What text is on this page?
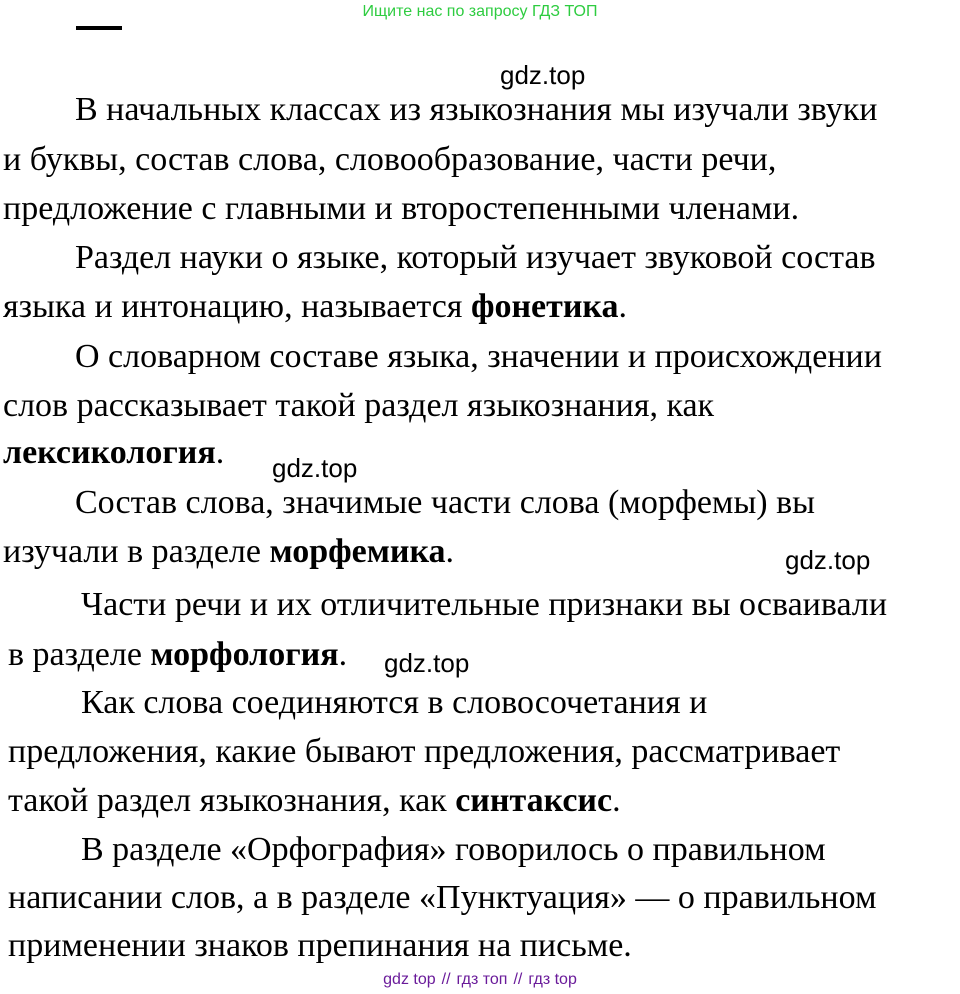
Ищите нас по запросу ГДЗ ТОП
gdz.top
gdz.top
gdz.top
gdz.top
В начальных классах из языкознания мы изучали звуки
и буквы, состав слова, словообразование, части речи,
предложение с главными и второстепенными членами.
Раздел науки о языке, который изучает звуковой состав
языка и интонацию, называется фонетика.
О словарном составе языка, значении и происхождении
слов рассказывает такой раздел языкознания, как
лексикология.
Состав слова, значимые части слова (морфемы) вы
изучали в разделе морфемика.
Части речи и их отличительные признаки вы осваивали
в разделе морфология.
Как слова соединяются в словосочетания и
предложения, какие бывают предложения, рассматривает
такой раздел языкознания, как синтаксис.
В разделе «Орфография» говорилось о правильном
написании слов, а в разделе «Пунктуация» — о правильном
применении знаков препинания на письме.
gdz top // гдз топ // гдз top
